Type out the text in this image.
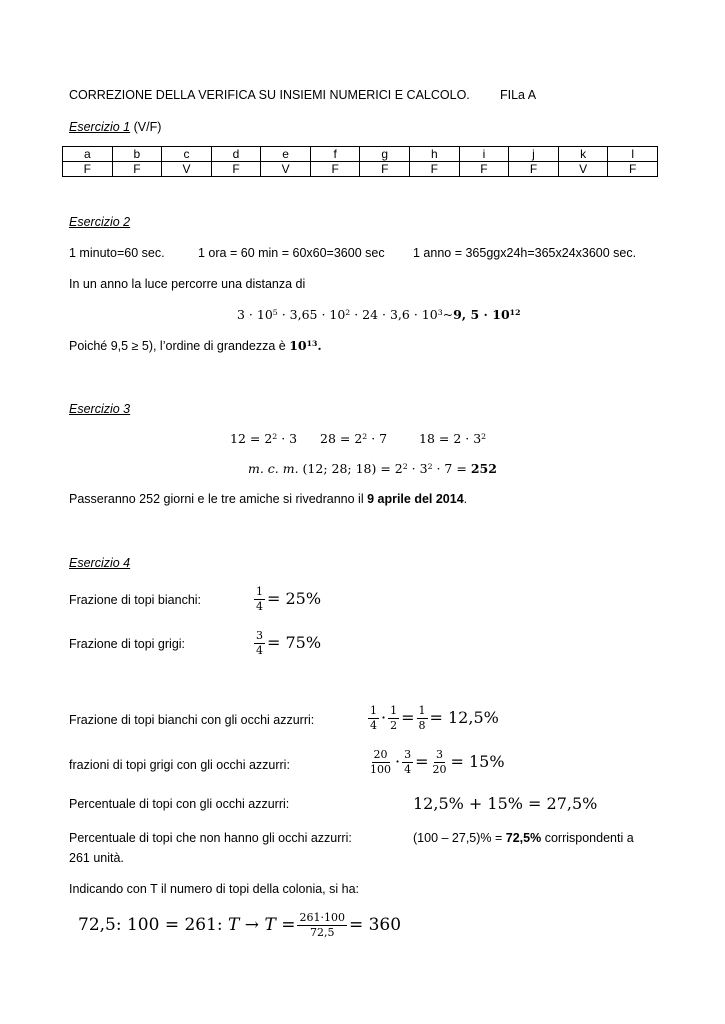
CORREZIONE DELLA VERIFICA SU INSIEMI NUMERICI E CALCOLO. FILa A
Esercizio 1 (V/F)
a	b	c	d	e	f	g	h	i	j	k	l
F	F	V	F	V	F	F	F	F	F	V	F
Esercizio 2
1 minuto=60 sec.	1 ora = 60 min = 60x60=3600 sec 1 anno = 365ggx24h=365x24x3600 sec.
In un anno la luce percorre una distanza di
$3 \cdot 10^5 \cdot 3,65 \cdot 10^2 \cdot 24 \cdot 3,6$ · $10^3\sim 9$, $5 \cdot 10^{12}$
Poiché 9,5 ≥ 5), l’ordine di grandezza è $10^{13}$.
Esercizio 3
$12 = 2^2 \cdot 3$ $28 = 2^2 \cdot 7$	$18 = 2 \cdot 3^2$
m. c. m. (12; 28; $18) = 2^2 \cdot 3^2 \cdot 7 = 252$
Passeranno 252 giorni e le tre amiche si rivedranno il 9 aprile del 2014.
Esercizio 4
Frazione di topi bianchi:	$\frac{1}{4} = 25\%$
Frazione di topi grigi:	$\frac{3}{4} = 75\%$
Frazione di topi bianchi con gli occhi azzurri:	$\frac{1}{4} \cdot \frac{1}{2} = \frac{1}{8} = 12,5\%$
frazioni di topi grigi con gli occhi azzurri:	$\frac{20}{100} \cdot \frac{3}{4} = \frac{3}{20} = 15\%$
Percentuale di topi con gli occhi azzurri:	12,5% + 15% = 27,5%
Percentuale di topi che non hanno gli occhi azzurri:	(100 – 27,5)% = 72,5% corrispondenti a
261 unità.
Indicando con T il numero di topi della colonia, si ha:
72,5: 100 = 261: 𝑇 → 𝑇 = $\frac{261\cdot 100}{72,5} = 360$
